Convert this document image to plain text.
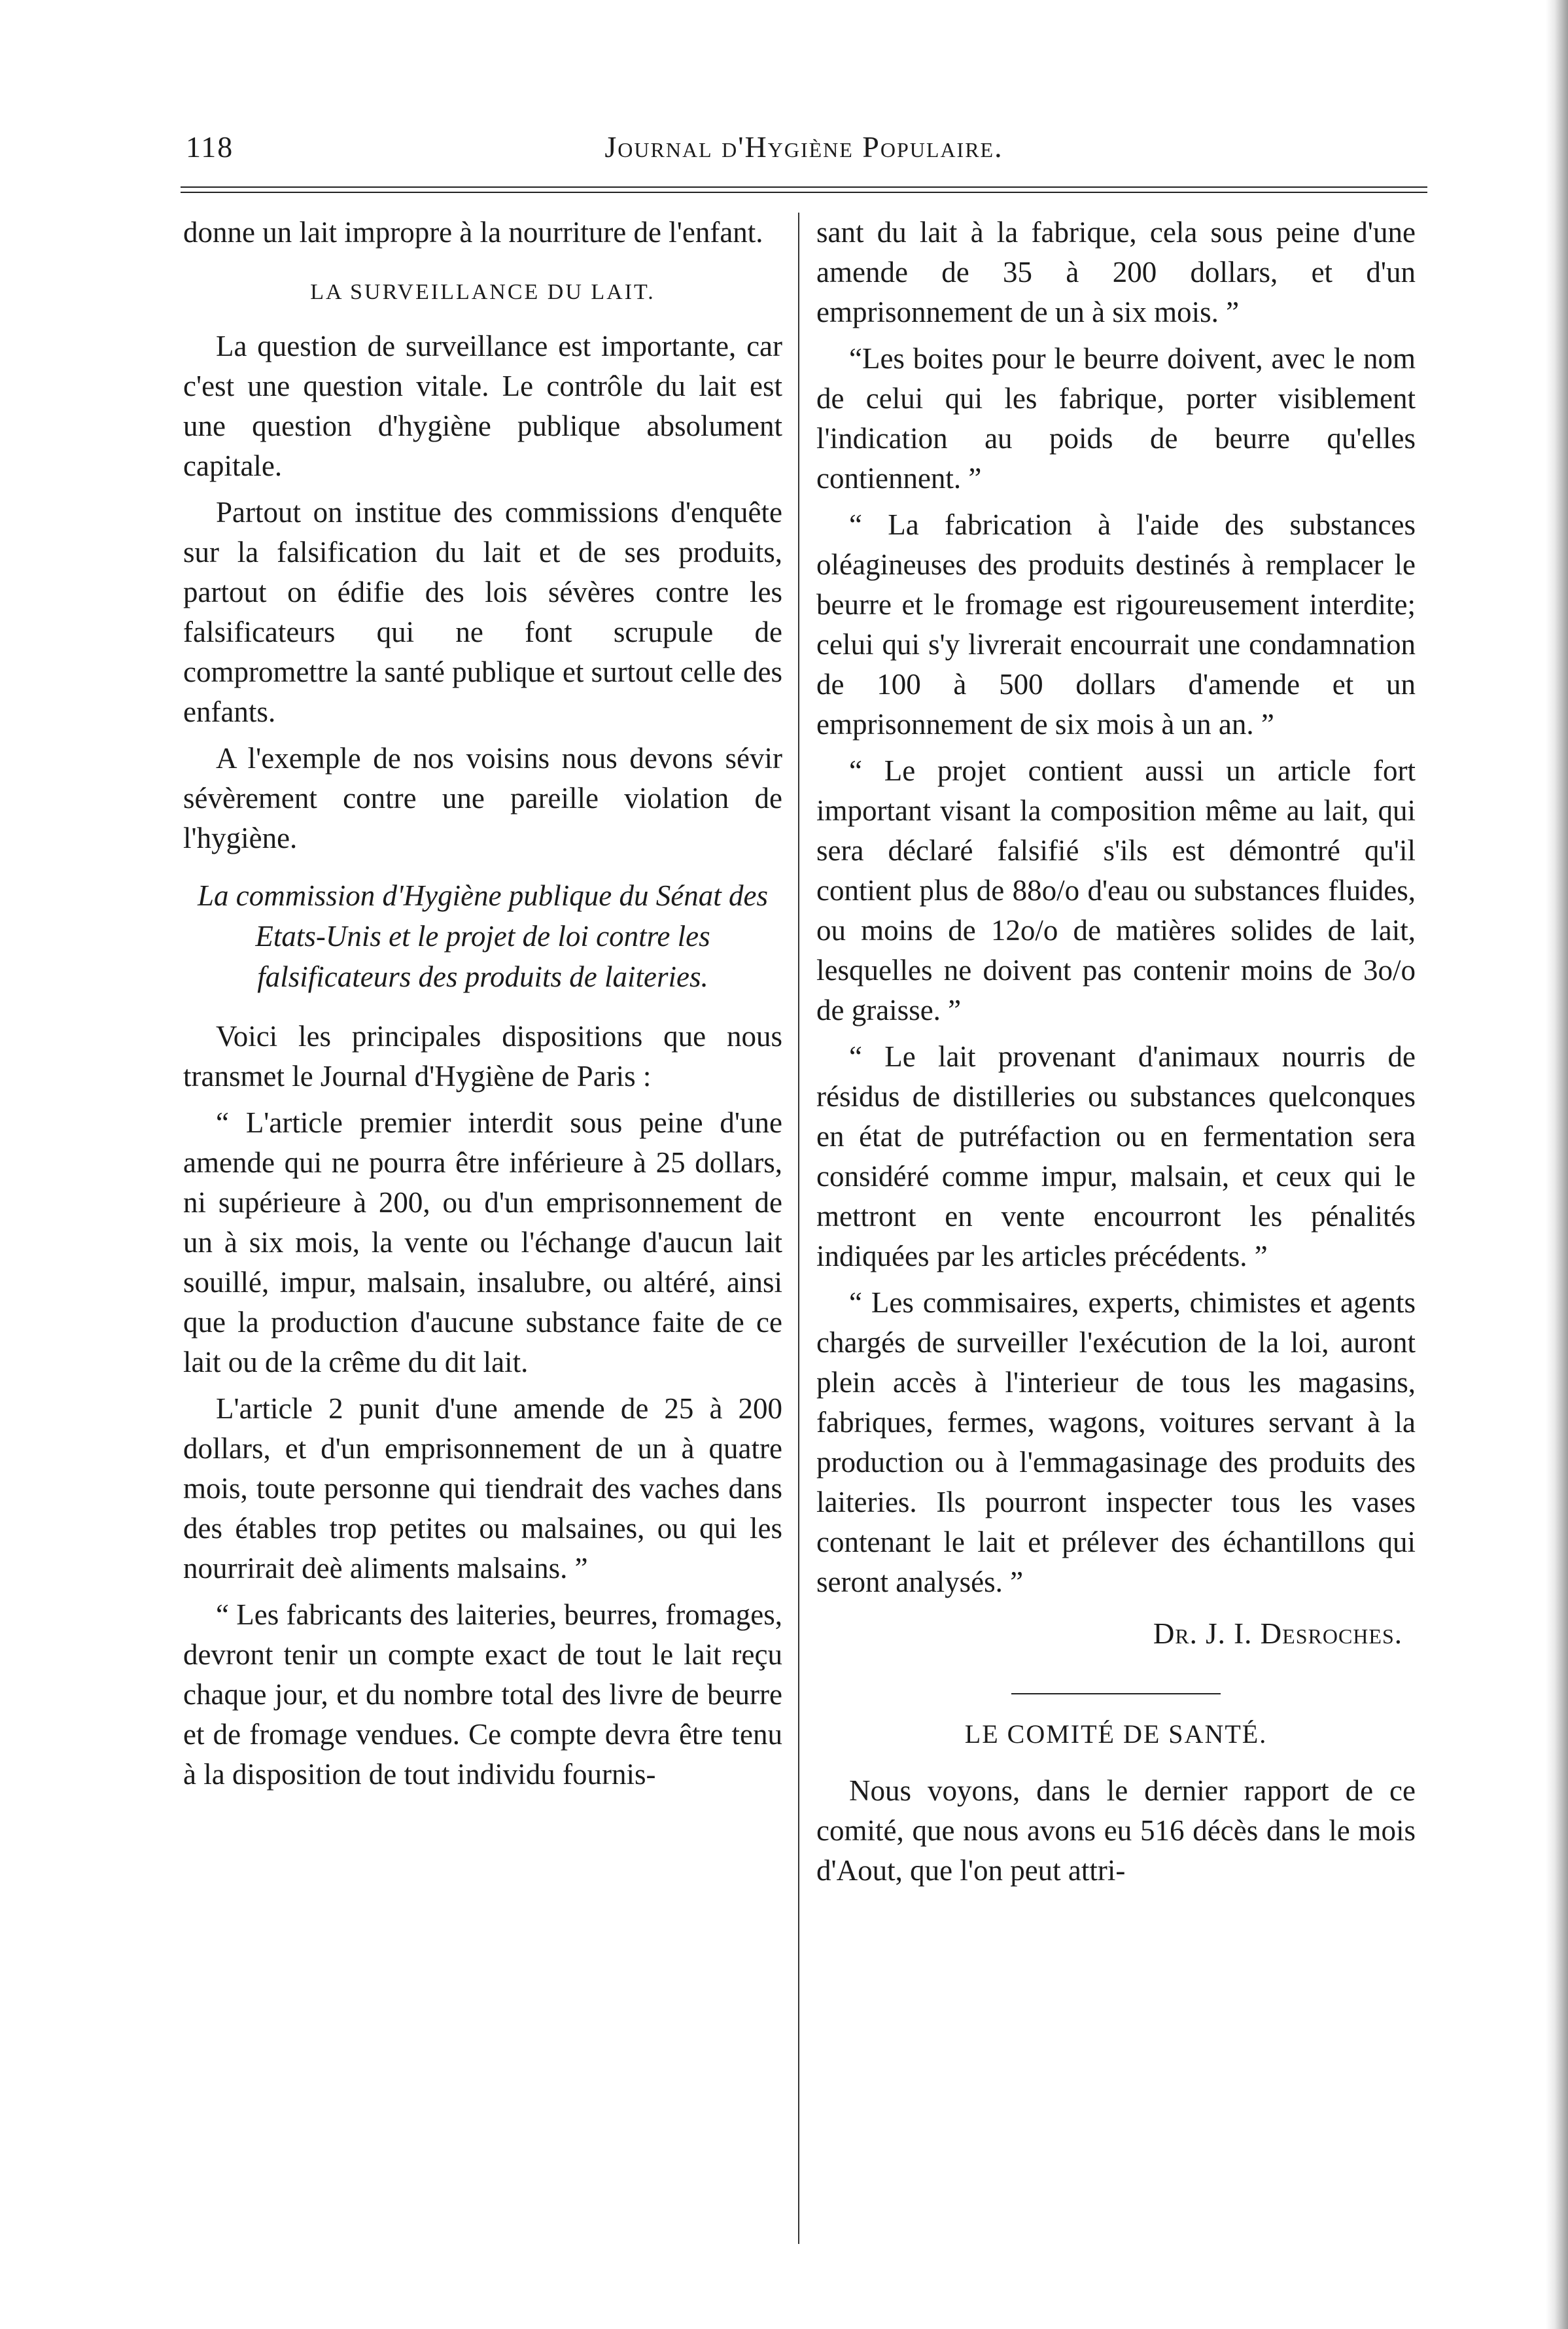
118	Journal d'Hygiène Populaire.

donne un lait impropre à la nourriture de l'enfant.

LA SURVEILLANCE DU LAIT.

La question de surveillance est importante, car c'est une question vitale. Le contrôle du lait est une question d'hygiène publique absolument capitale.

Partout on institue des commissions d'enquête sur la falsification du lait et de ses produits, partout on édifie des lois sévères contre les falsificateurs qui ne font scrupule de compromettre la santé publique et surtout celle des enfants.

A l'exemple de nos voisins nous devons sévir sévèrement contre une pareille violation de l'hygiène.

La commission d'Hygiène publique du Sénat des Etats-Unis et le projet de loi contre les falsificateurs des produits de laiteries.

Voici les principales dispositions que nous transmet le Journal d'Hygiène de Paris :

“ L'article premier interdit sous peine d'une amende qui ne pourra être inférieure à 25 dollars, ni supérieure à 200, ou d'un emprisonnement de un à six mois, la vente ou l'échange d'aucun lait souillé, impur, malsain, insalubre, ou altéré, ainsi que la production d'aucune substance faite de ce lait ou de la crême du dit lait.

L'article 2 punit d'une amende de 25 à 200 dollars, et d'un emprisonnement de un à quatre mois, toute personne qui tiendrait des vaches dans des étables trop petites ou malsaines, ou qui les nourrirait deè aliments malsains. ”

“ Les fabricants des laiteries, beurres, fromages, devront tenir un compte exact de tout le lait reçu chaque jour, et du nombre total des livre de beurre et de fromage vendues. Ce compte devra être tenu à la disposition de tout individu fournis-

sant du lait à la fabrique, cela sous peine d'une amende de 35 à 200 dollars, et d'un emprisonnement de un à six mois. ”

“Les boites pour le beurre doivent, avec le nom de celui qui les fabrique, porter visiblement l'indication au poids de beurre qu'elles contiennent. ”

“ La fabrication à l'aide des substances oléagineuses des produits destinés à remplacer le beurre et le fromage est rigoureusement interdite; celui qui s'y livrerait encourrait une condamnation de 100 à 500 dollars d'amende et un emprisonnement de six mois à un an. ”

“ Le projet contient aussi un article fort important visant la composition même au lait, qui sera déclaré falsifié s'ils est démontré qu'il contient plus de 88o/o d'eau ou substances fluides, ou moins de 12o/o de matières solides de lait, lesquelles ne doivent pas contenir moins de 3o/o de graisse. ”

“ Le lait provenant d'animaux nourris de résidus de distilleries ou substances quelconques en état de putréfaction ou en fermentation sera considéré comme impur, malsain, et ceux qui le mettront en vente encourront les pénalités indiquées par les articles précédents. ”

“ Les commisaires, experts, chimistes et agents chargés de surveiller l'exécution de la loi, auront plein accès à l'interieur de tous les magasins, fabriques, fermes, wagons, voitures servant à la production ou à l'emmagasinage des produits des laiteries. Ils pourront inspecter tous les vases contenant le lait et prélever des échantillons qui seront analysés. ”

Dr. J. I. Desroches.
LE COMITÉ DE SANTÉ.

Nous voyons, dans le dernier rapport de ce comité, que nous avons eu 516 décès dans le mois d'Aout, que l'on peut attri-
